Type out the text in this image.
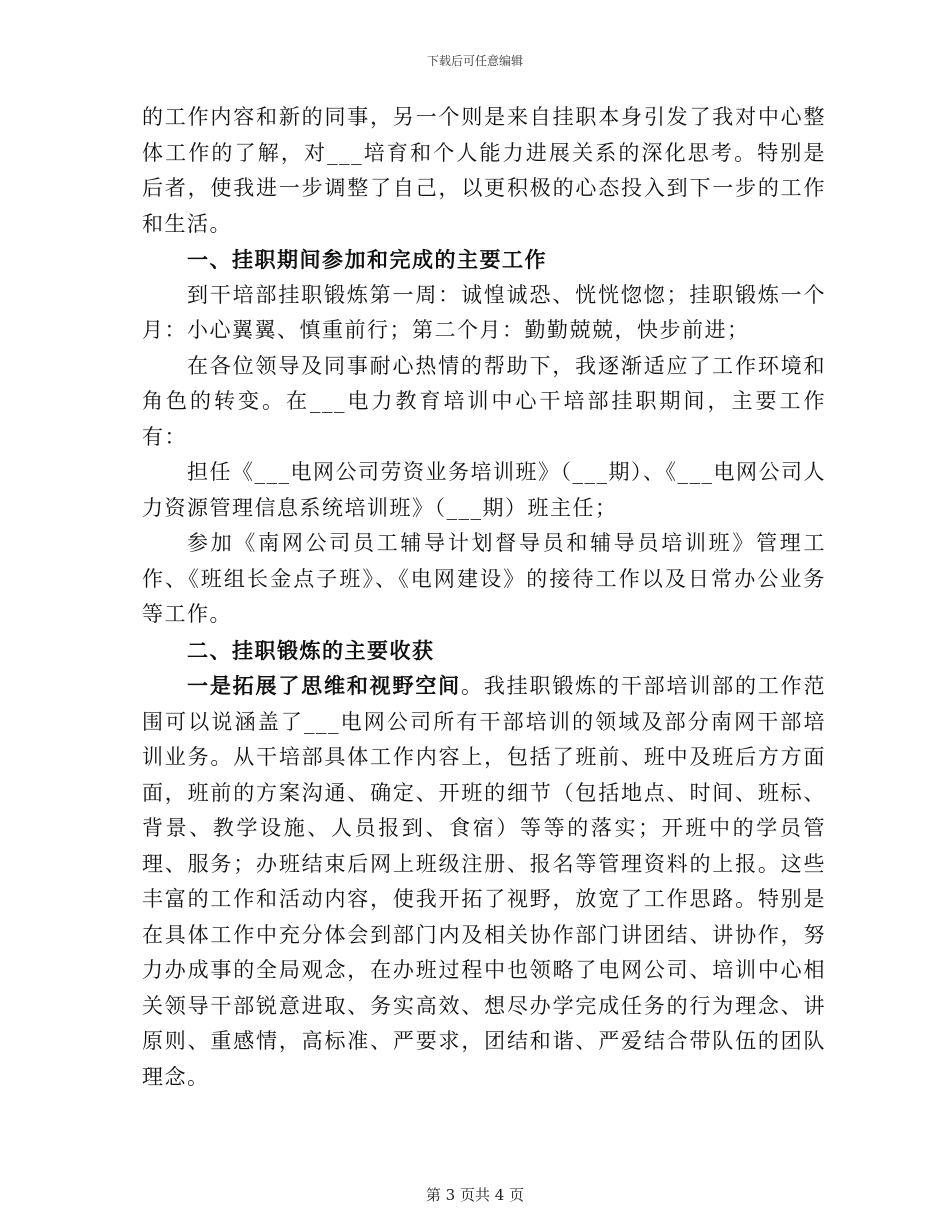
下载后可任意编辑

的工作内容和新的同事，另一个则是来自挂职本身引发了我对中心整体工作的了解，对___培育和个人能力进展关系的深化思考。特别是后者，使我进一步调整了自己，以更积极的心态投入到下一步的工作和生活。

一、挂职期间参加和完成的主要工作

到干培部挂职锻炼第一周：诚惶诚恐、恍恍惚惚；挂职锻炼一个月：小心翼翼、慎重前行；第二个月：勤勤兢兢，快步前进；

在各位领导及同事耐心热情的帮助下，我逐渐适应了工作环境和角色的转变。在___电力教育培训中心干培部挂职期间，主要工作有：

担任《___电网公司劳资业务培训班》（___期）、《___电网公司人力资源管理信息系统培训班》（___期）班主任；

参加《南网公司员工辅导计划督导员和辅导员培训班》管理工作、《班组长金点子班》、《电网建设》的接待工作以及日常办公业务等工作。

二、挂职锻炼的主要收获

一是拓展了思维和视野空间。我挂职锻炼的干部培训部的工作范围可以说涵盖了___电网公司所有干部培训的领域及部分南网干部培训业务。从干培部具体工作内容上，包括了班前、班中及班后方方面面，班前的方案沟通、确定、开班的细节（包括地点、时间、班标、背景、教学设施、人员报到、食宿）等等的落实；开班中的学员管理、服务；办班结束后网上班级注册、报名等管理资料的上报。这些丰富的工作和活动内容，使我开拓了视野，放宽了工作思路。特别是在具体工作中充分体会到部门内及相关协作部门讲团结、讲协作，努力办成事的全局观念，在办班过程中也领略了电网公司、培训中心相关领导干部锐意进取、务实高效、想尽办学完成任务的行为理念、讲原则、重感情，高标准、严要求，团结和谐、严爱结合带队伍的团队理念。

第 3 页共 4 页
